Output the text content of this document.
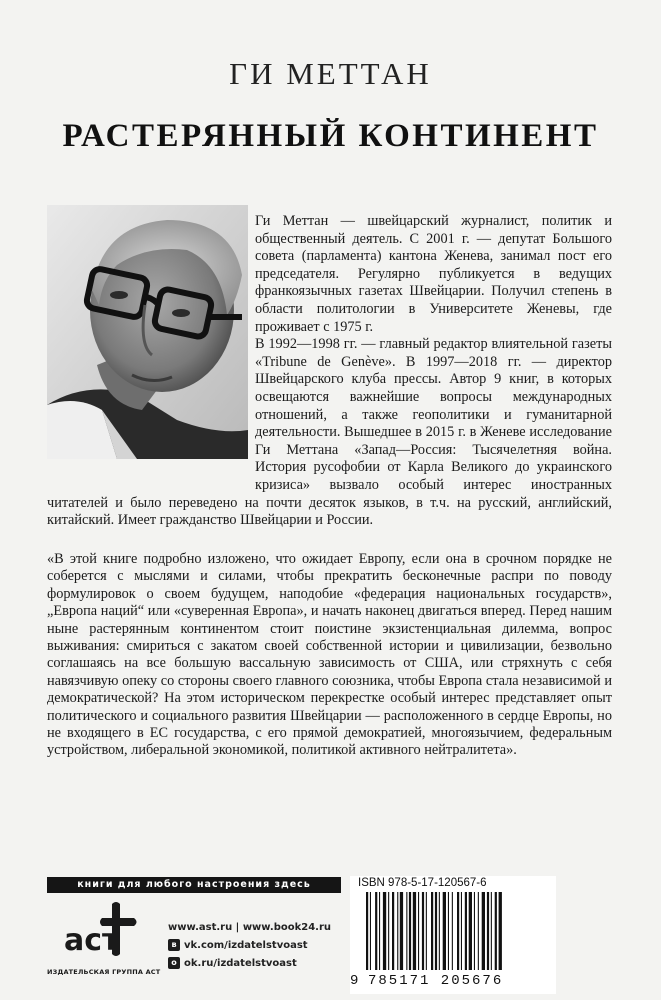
ГИ МЕТТАН
РАСТЕРЯННЫЙ КОНТИНЕНТ

Ги Меттан — швейцарский журналист, политик и общественный деятель. С 2001 г. — депутат Большого совета (парламента) кантона Женева, занимал пост его председателя. Регулярно публикуется в ведущих франкоязычных газетах Швейцарии. Получил степень в области политологии в Университете Женевы, где проживает с 1975 г.

В 1992—1998 гг. — главный редактор влиятельной газеты «Tribune de Genève». В 1997—2018 гг. — директор Швейцарского клуба прессы. Автор 9 книг, в которых освещаются важнейшие вопросы международных отношений, а также геополитики и гуманитарной деятельности. Вышедшее в 2015 г. в Женеве исследование Ги Меттана «Запад—Россия: Тысячелетняя война. История русофобии от Карла Великого до украинского кризиса» вызвало особый интерес иностранных читателей и было переведено на почти десяток языков, в т.ч. на русский, английский, китайский. Имеет гражданство Швейцарии и России.

«В этой книге подробно изложено, что ожидает Европу, если она в срочном порядке не соберется с мыслями и силами, чтобы прекратить бесконечные распри по поводу формулировок о своем будущем, наподобие «федерация национальных государств», „Европа наций“ или «суверенная Европа», и начать наконец двигаться вперед. Перед нашим ныне растерянным континентом стоит поистине экзистенциальная дилемма, вопрос выживания: смириться с закатом своей собственной истории и цивилизации, безвольно соглашаясь на все большую вассальную зависимость от США, или стряхнуть с себя навязчивую опеку со стороны своего главного союзника, чтобы Европа стала независимой и демократической? На этом историческом перекрестке особый интерес представляет опыт политического и социального развития Швейцарии — расположенного в сердце Европы, но не входящего в ЕС государства, с его прямой демократией, многоязычием, федеральным устройством, либеральной экономикой, политикой активного нейтралитета».
книги для любого настроения здесь
аст
ИЗДАТЕЛЬСКАЯ ГРУППА АСТ
www.ast.ru | www.book24.ru
в vk.com/izdatelstvoast
о ok.ru/izdatelstvoast
ISBN 978-5-17-120567-6
9 785171 205676
